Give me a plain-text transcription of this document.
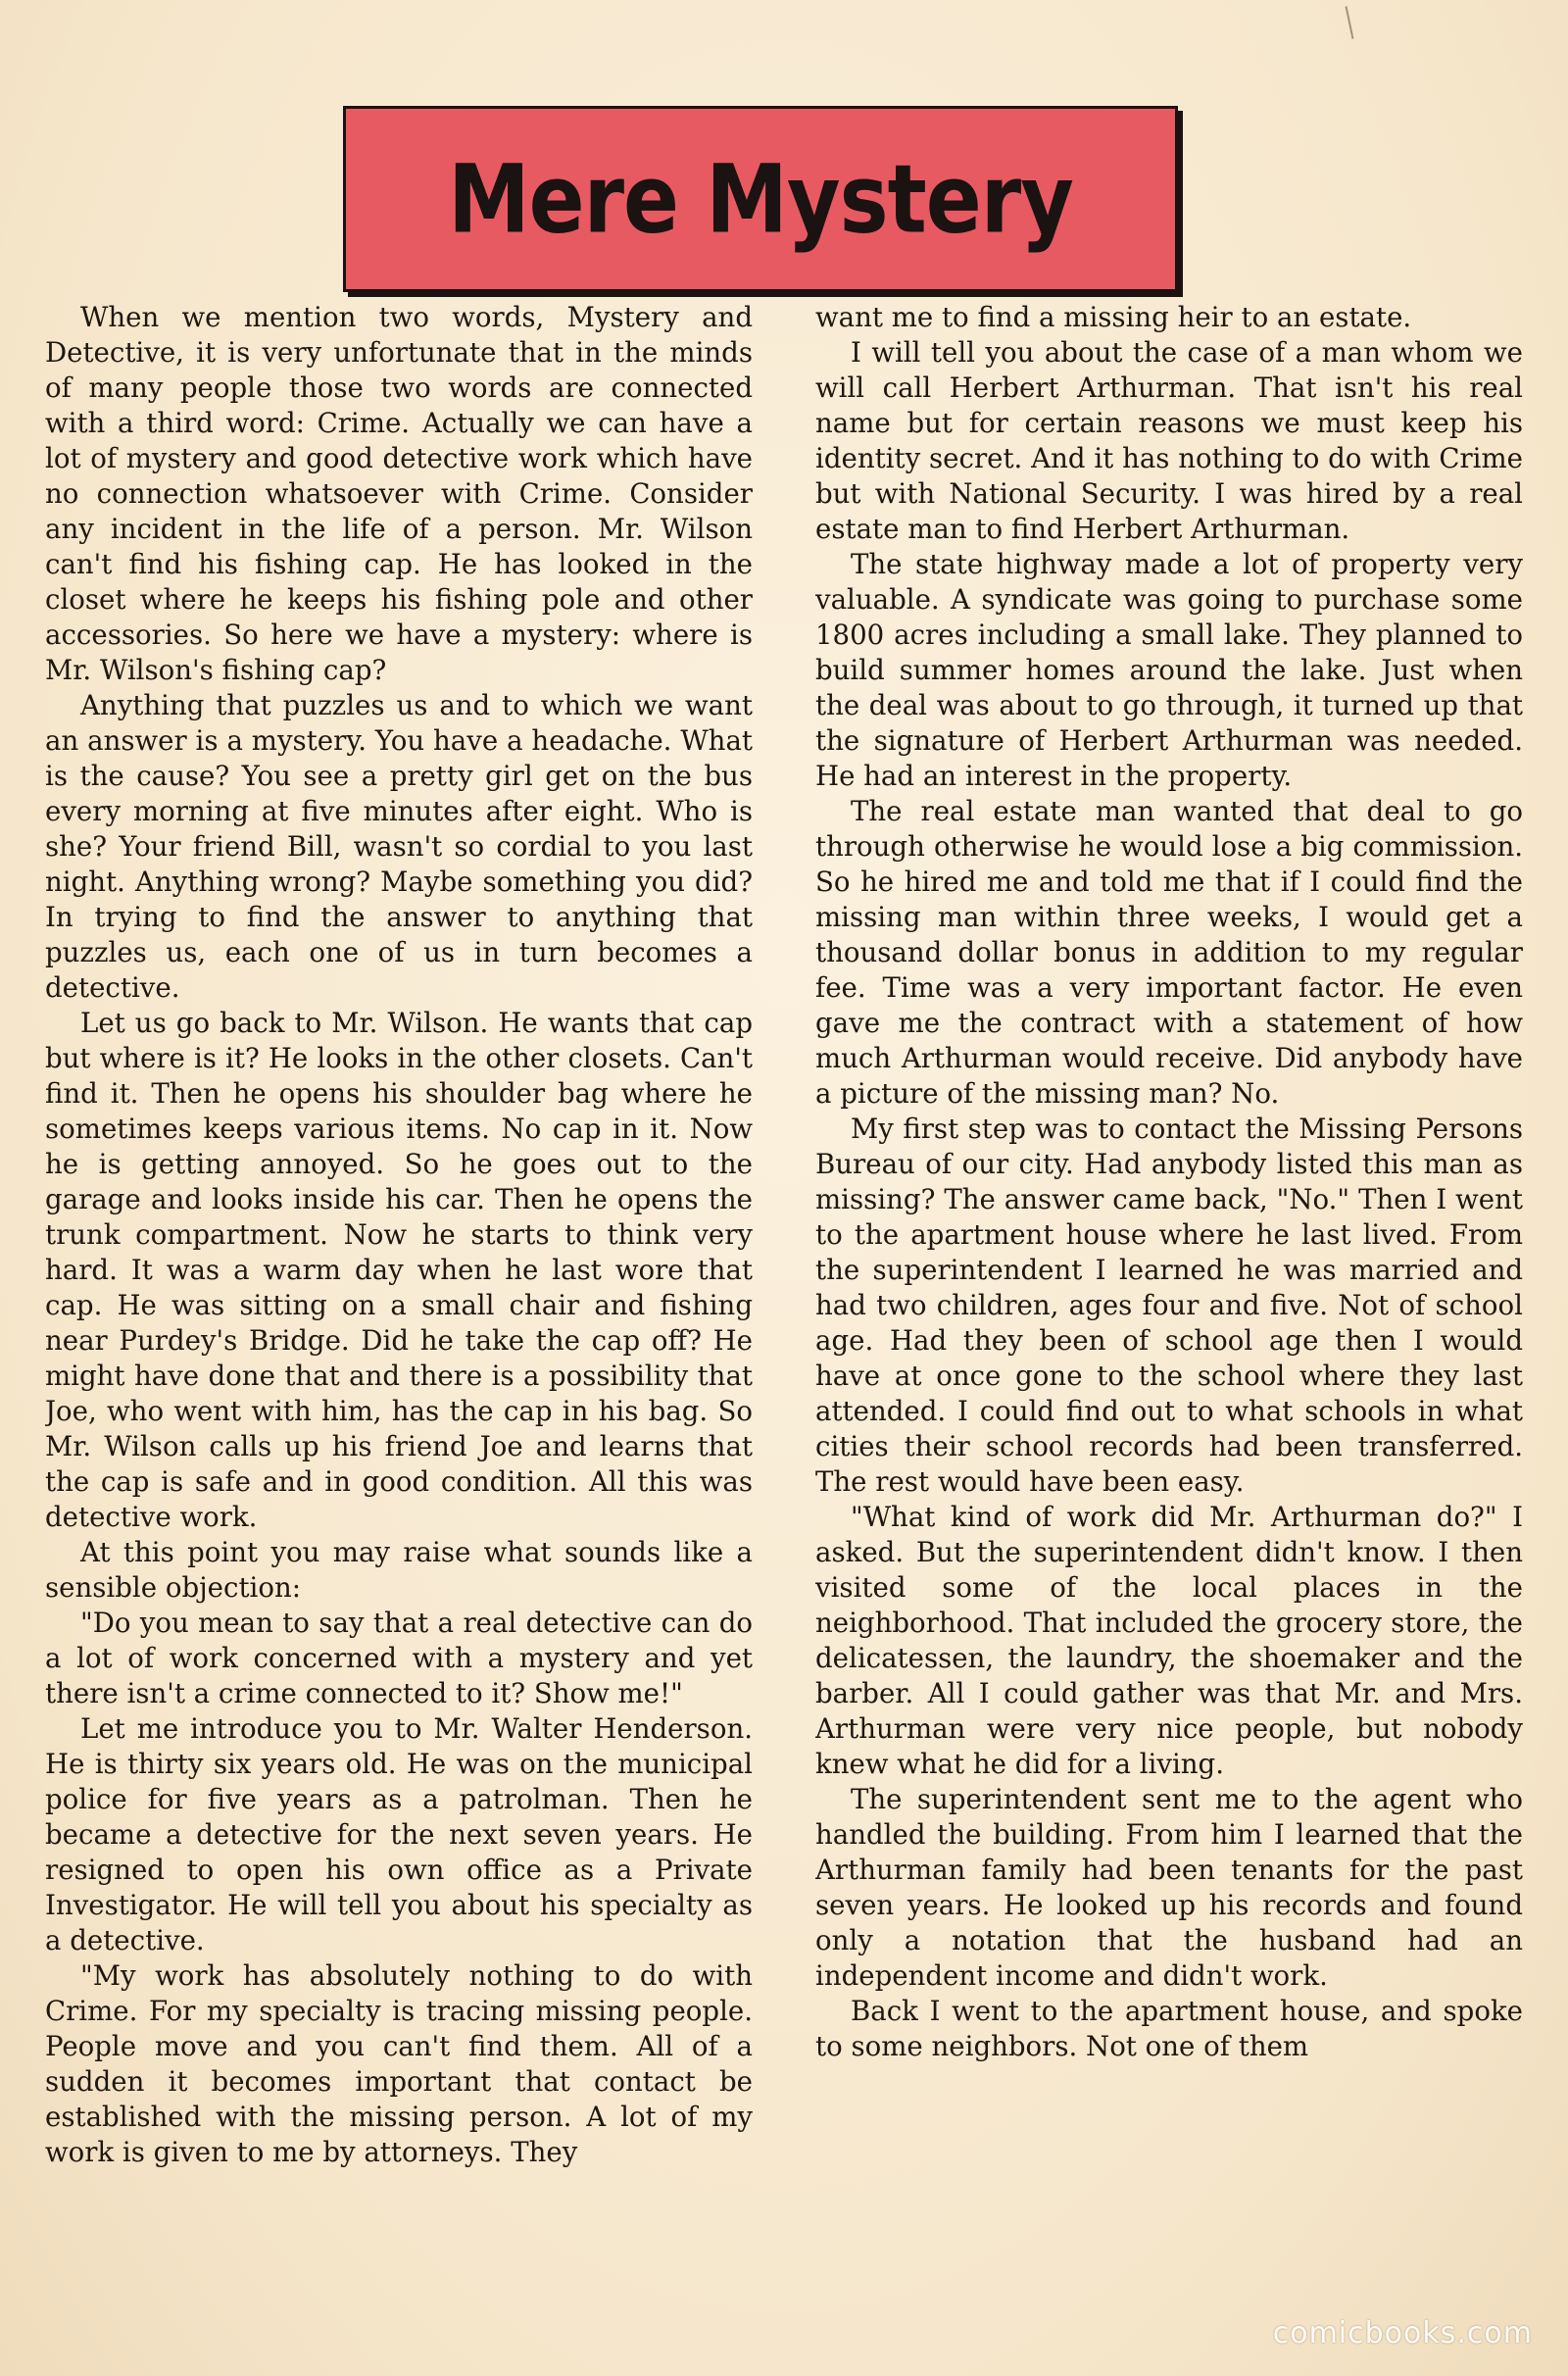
Mere Mystery

When we mention two words, Mystery and Detective, it is very unfortunate that in the minds of many people those two words are connected with a third word: Crime. Actually we can have a lot of mystery and good detective work which have no connection whatsoever with Crime. Consider any incident in the life of a person. Mr. Wilson can't find his fishing cap. He has looked in the closet where he keeps his fishing pole and other accessories. So here we have a mystery: where is Mr. Wilson's fishing cap?

Anything that puzzles us and to which we want an answer is a mystery. You have a headache. What is the cause? You see a pretty girl get on the bus every morning at five minutes after eight. Who is she? Your friend Bill, wasn't so cordial to you last night. Anything wrong? Maybe something you did? In trying to find the answer to anything that puzzles us, each one of us in turn becomes a detective.

Let us go back to Mr. Wilson. He wants that cap but where is it? He looks in the other closets. Can't find it. Then he opens his shoulder bag where he sometimes keeps various items. No cap in it. Now he is getting annoyed. So he goes out to the garage and looks inside his car. Then he opens the trunk compartment. Now he starts to think very hard. It was a warm day when he last wore that cap. He was sitting on a small chair and fishing near Purdey's Bridge. Did he take the cap off? He might have done that and there is a possibility that Joe, who went with him, has the cap in his bag. So Mr. Wilson calls up his friend Joe and learns that the cap is safe and in good condition. All this was detective work.

At this point you may raise what sounds like a sensible objection:

"Do you mean to say that a real detective can do a lot of work concerned with a mystery and yet there isn't a crime connected to it? Show me!"

Let me introduce you to Mr. Walter Henderson. He is thirty six years old. He was on the municipal police for five years as a patrolman. Then he became a detective for the next seven years. He resigned to open his own office as a Private Investigator. He will tell you about his specialty as a detective.

"My work has absolutely nothing to do with Crime. For my specialty is tracing missing people. People move and you can't find them. All of a sudden it becomes important that contact be established with the missing person. A lot of my work is given to me by attorneys. They

want me to find a missing heir to an estate.

I will tell you about the case of a man whom we will call Herbert Arthurman. That isn't his real name but for certain reasons we must keep his identity secret. And it has nothing to do with Crime but with National Security. I was hired by a real estate man to find Herbert Arthurman.

The state highway made a lot of property very valuable. A syndicate was going to purchase some 1800 acres including a small lake. They planned to build summer homes around the lake. Just when the deal was about to go through, it turned up that the signature of Herbert Arthurman was needed. He had an interest in the property.

The real estate man wanted that deal to go through otherwise he would lose a big commission. So he hired me and told me that if I could find the missing man within three weeks, I would get a thousand dollar bonus in addition to my regular fee. Time was a very important factor. He even gave me the contract with a statement of how much Arthurman would receive. Did anybody have a picture of the missing man? No.

My first step was to contact the Missing Persons Bureau of our city. Had anybody listed this man as missing? The answer came back, "No." Then I went to the apartment house where he last lived. From the superintendent I learned he was married and had two children, ages four and five. Not of school age. Had they been of school age then I would have at once gone to the school where they last attended. I could find out to what schools in what cities their school records had been transferred. The rest would have been easy.

"What kind of work did Mr. Arthurman do?" I asked. But the superintendent didn't know. I then visited some of the local places in the neighborhood. That included the grocery store, the delicatessen, the laundry, the shoemaker and the barber. All I could gather was that Mr. and Mrs. Arthurman were very nice people, but nobody knew what he did for a living.

The superintendent sent me to the agent who handled the building. From him I learned that the Arthurman family had been tenants for the past seven years. He looked up his records and found only a notation that the husband had an independent income and didn't work.

Back I went to the apartment house, and spoke to some neighbors. Not one of them

comicbooks.com
